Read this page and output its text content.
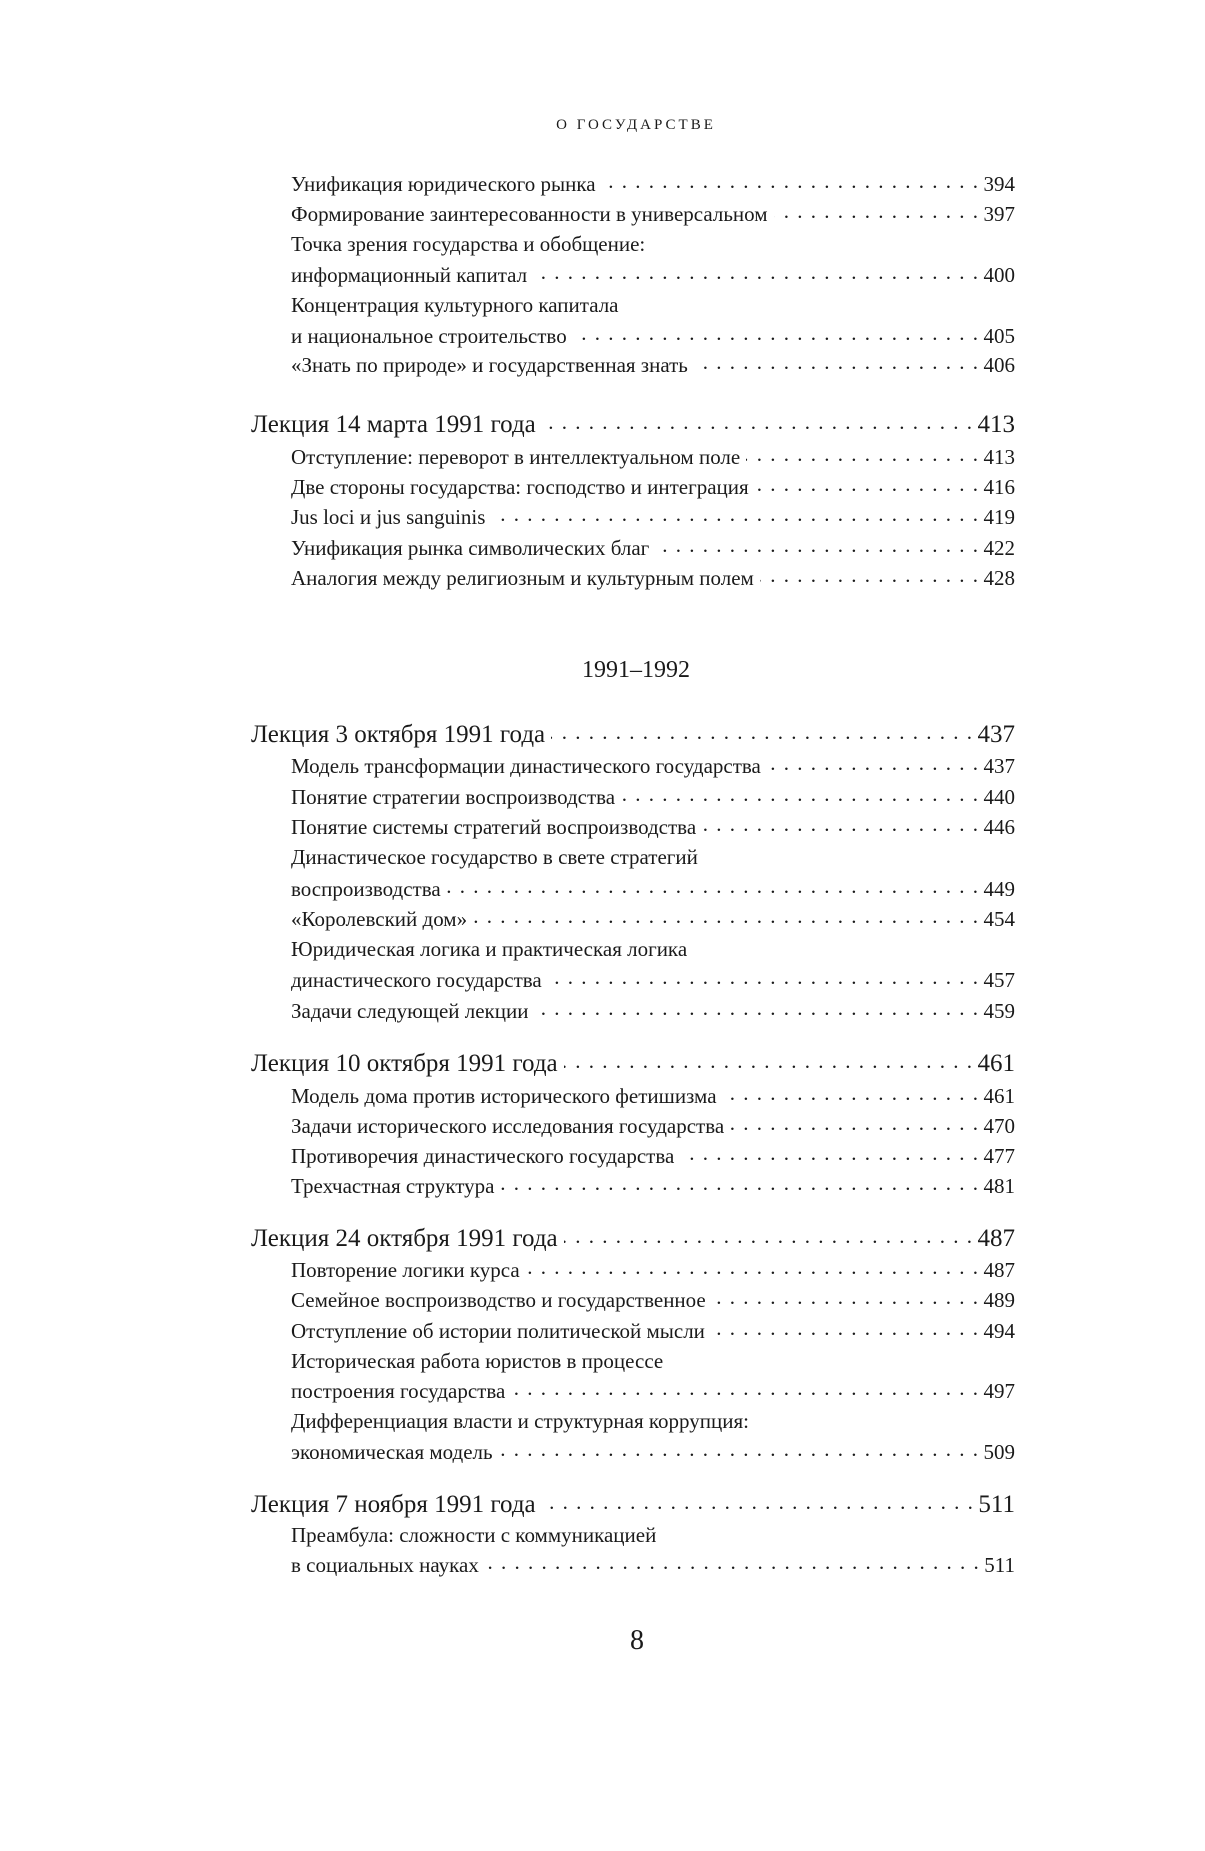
О ГОСУДАРСТВЕ
Унификация юридического рынка . . .	394
Формирование заинтересованности в универсальном . . .	397
Точка зрения государства и обобщение:
информационный капитал . . .	400
Концентрация культурного капитала
и национальное строительство . . .	405
«Знать по природе» и государственная знать . . .	406
Лекция 14 марта 1991 года . . .	413
Отступление: переворот в интеллектуальном поле . . .	413
Две стороны государства: господство и интеграция . . .	416
Jus loci и jus sanguinis . . .	419
Унификация рынка символических благ . . .	422
Аналогия между религиозным и культурным полем . . .	428
1991–1992
Лекция 3 октября 1991 года . . .	437
Модель трансформации династического государства . . .	437
Понятие стратегии воспроизводства . . .	440
Понятие системы стратегий воспроизводства . . .	446
Династическое государство в свете стратегий
воспроизводства . . .	449
«Королевский дом» . . .	454
Юридическая логика и практическая логика
династического государства . . .	457
Задачи следующей лекции . . .	459
Лекция 10 октября 1991 года . . .	461
Модель дома против исторического фетишизма . . .	461
Задачи исторического исследования государства . . .	470
Противоречия династического государства . . .	477
Трехчастная структура . . .	481
Лекция 24 октября 1991 года . . .	487
Повторение логики курса . . .	487
Семейное воспроизводство и государственное . . .	489
Отступление об истории политической мысли . . .	494
Историческая работа юристов в процессе
построения государства . . .	497
Дифференциация власти и структурная коррупция:
экономическая модель . . .	509
Лекция 7 ноября 1991 года . . .	511
Преамбула: сложности с коммуникацией
в социальных науках . . .	511
8
